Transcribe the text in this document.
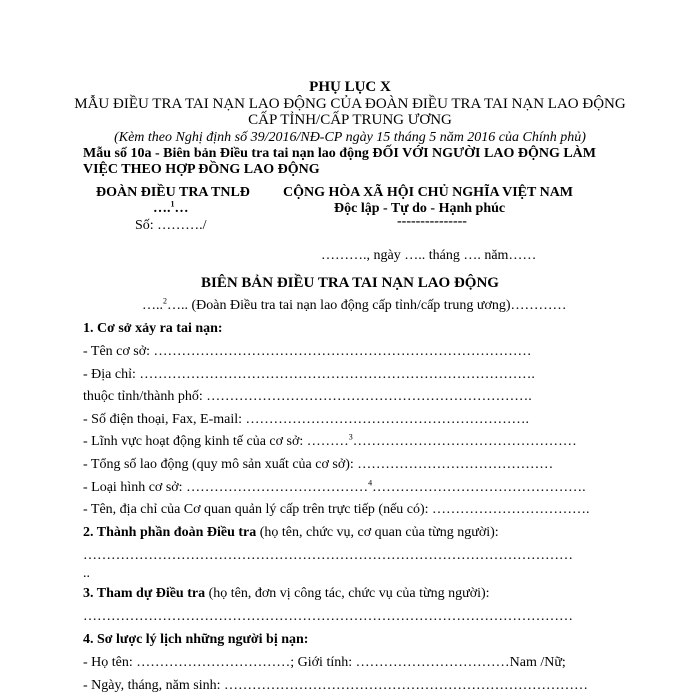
PHỤ LỤC X
MẪU ĐIỀU TRA TAI NẠN LAO ĐỘNG CỦA ĐOÀN ĐIỀU TRA TAI NẠN LAO ĐỘNG
CẤP TỈNH/CẤP TRUNG ƯƠNG
(Kèm theo Nghị định số 39/2016/NĐ-CP ngày 15 tháng 5 năm 2016 của Chính phủ)
Mẫu số 10a - Biên bản Điều tra tai nạn lao động ĐỐI VỚI NGƯỜI LAO ĐỘNG LÀM
VIỆC THEO HỢP ĐỒNG LAO ĐỘNG
ĐOÀN ĐIỀU TRA TNLĐ
….$^1$…
Số: ………./
CỘNG HÒA XÃ HỘI CHỦ NGHĨA VIỆT NAM
Độc lập - Tự do - Hạnh phúc
---------------
………., ngày ….. tháng …. năm……
BIÊN BẢN ĐIỀU TRA TAI NẠN LAO ĐỘNG
…..$^2$….. (Đoàn Điều tra tai nạn lao động cấp tỉnh/cấp trung ương)…………
1. Cơ sở xảy ra tai nạn:
- Tên cơ sở: ………………………………………………………………………
- Địa chỉ: ………………………………………………………………………….
thuộc tỉnh/thành phố: …………………………………………………………….
- Số điện thoại, Fax, E-mail: …………………………………………………….
- Lĩnh vực hoạt động kinh tế của cơ sở: ………$^3$…………………………………………
- Tổng số lao động (quy mô sản xuất của cơ sở): ……………………………………
- Loại hình cơ sở: …………………………………$^4$……………………………………….
- Tên, địa chỉ của Cơ quan quản lý cấp trên trực tiếp (nếu có): …………………………….
2. Thành phần đoàn Điều tra (họ tên, chức vụ, cơ quan của từng người):
……………………………………………………………………………………………
..
3. Tham dự Điều tra (họ tên, đơn vị công tác, chức vụ của từng người):
……………………………………………………………………………………………
4. Sơ lược lý lịch những người bị nạn:
- Họ tên: ……………………………; Giới tính: ……………………………Nam /Nữ;
- Ngày, tháng, năm sinh: ……………………………………………………………………
